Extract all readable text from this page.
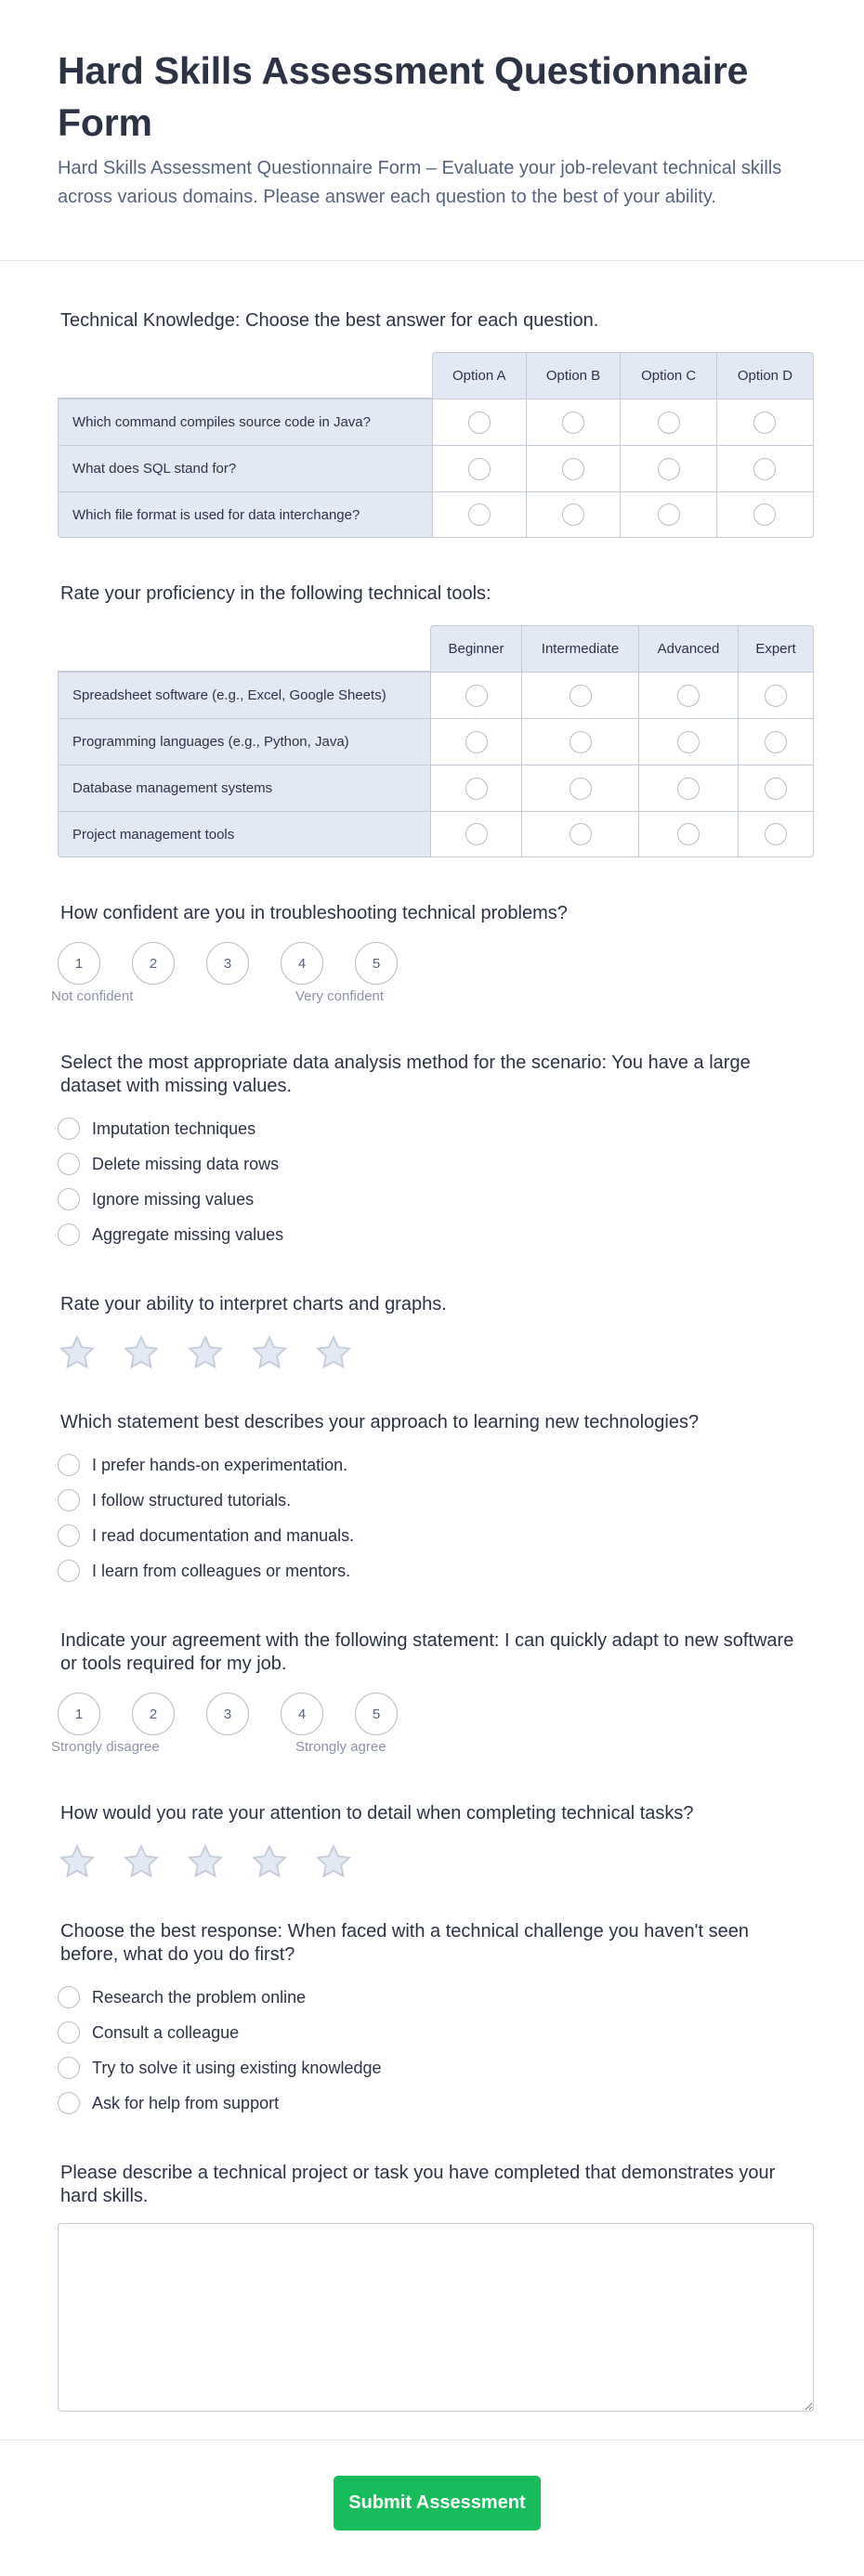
Hard Skills Assessment Questionnaire Form

Hard Skills Assessment Questionnaire Form – Evaluate your job-relevant technical skills across various domains. Please answer each question to the best of your ability.

Technical Knowledge: Choose the best answer for each question.
	Option A	Option B	Option C	Option D
Which command compiles source code in Java?				
What does SQL stand for?				
Which file format is used for data interchange?				
Rate your proficiency in the following technical tools:
	Beginner	Intermediate	Advanced	Expert
Spreadsheet software (e.g., Excel, Google Sheets)				
Programming languages (e.g., Python, Java)				
Database management systems				
Project management tools				
How confident are you in troubleshooting technical problems?
1	2	3	4	5
Not confident	Very confident
Select the most appropriate data analysis method for the scenario: You have a large dataset with missing values.
Imputation techniques
Delete missing data rows
Ignore missing values
Aggregate missing values
Rate your ability to interpret charts and graphs.
Which statement best describes your approach to learning new technologies?
I prefer hands-on experimentation.
I follow structured tutorials.
I read documentation and manuals.
I learn from colleagues or mentors.
Indicate your agreement with the following statement: I can quickly adapt to new software or tools required for my job.
1	2	3	4	5
Strongly disagree	Strongly agree
How would you rate your attention to detail when completing technical tasks?
Choose the best response: When faced with a technical challenge you haven't seen before, what do you do first?
Research the problem online
Consult a colleague
Try to solve it using existing knowledge
Ask for help from support
Please describe a technical project or task you have completed that demonstrates your hard skills.
Submit Assessment
